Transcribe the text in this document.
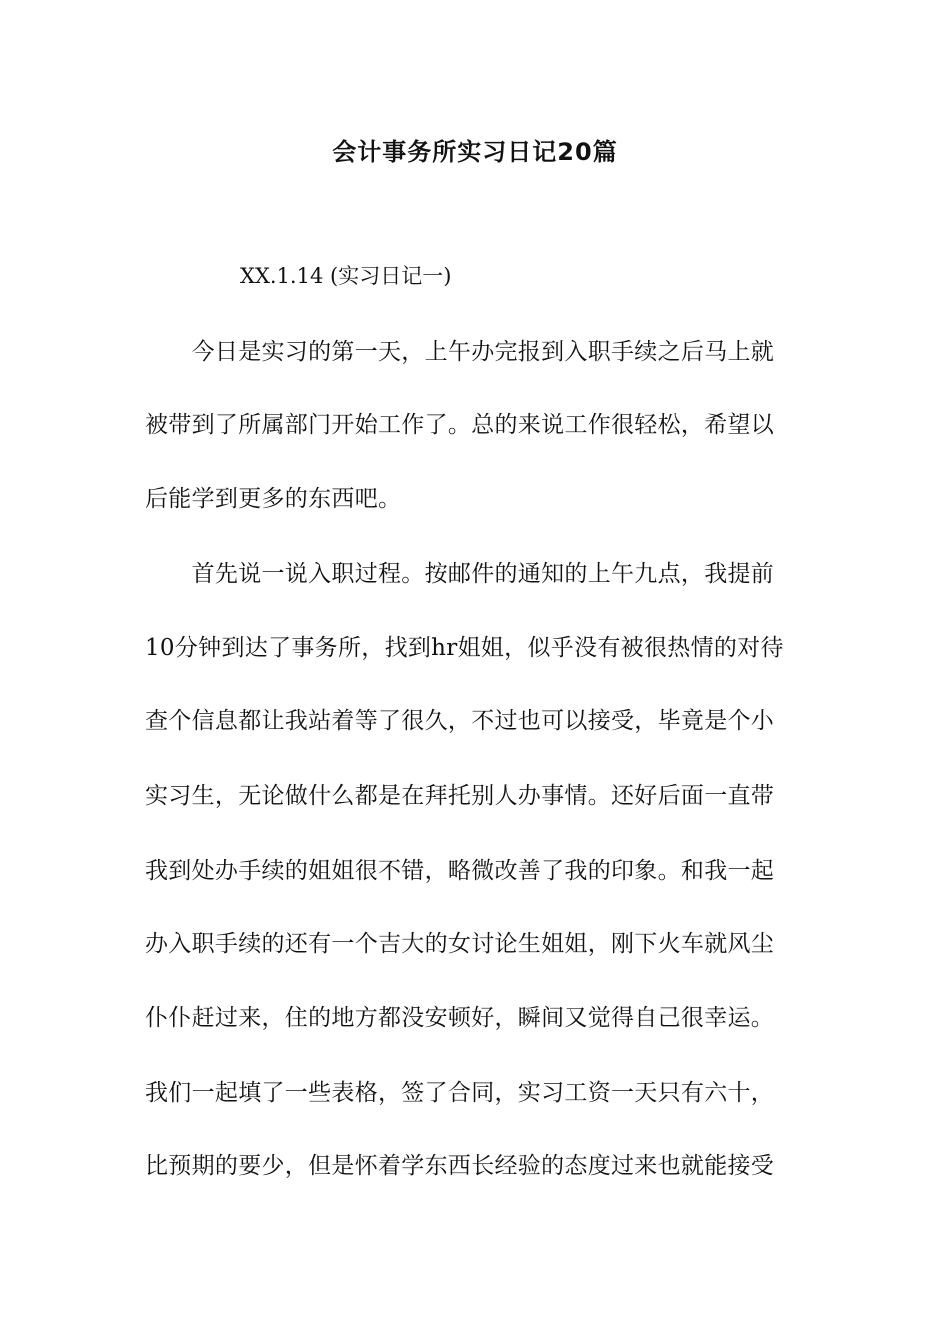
会计事务所实习日记20篇
XX.1.14 (实习日记一)
　　今日是实习的第一天，上午办完报到入职手续之后马上就
被带到了所属部门开始工作了。总的来说工作很轻松，希望以
后能学到更多的东西吧。
　　首先说一说入职过程。按邮件的通知的上午九点，我提前
10分钟到达了事务所，找到hr姐姐，似乎没有被很热情的对待
查个信息都让我站着等了很久，不过也可以接受，毕竟是个小
实习生，无论做什么都是在拜托别人办事情。还好后面一直带
我到处办手续的姐姐很不错，略微改善了我的印象。和我一起
办入职手续的还有一个吉大的女讨论生姐姐，刚下火车就风尘
仆仆赶过来，住的地方都没安顿好，瞬间又觉得自己很幸运。
我们一起填了一些表格，签了合同，实习工资一天只有六十，
比预期的要少，但是怀着学东西长经验的态度过来也就能接受
